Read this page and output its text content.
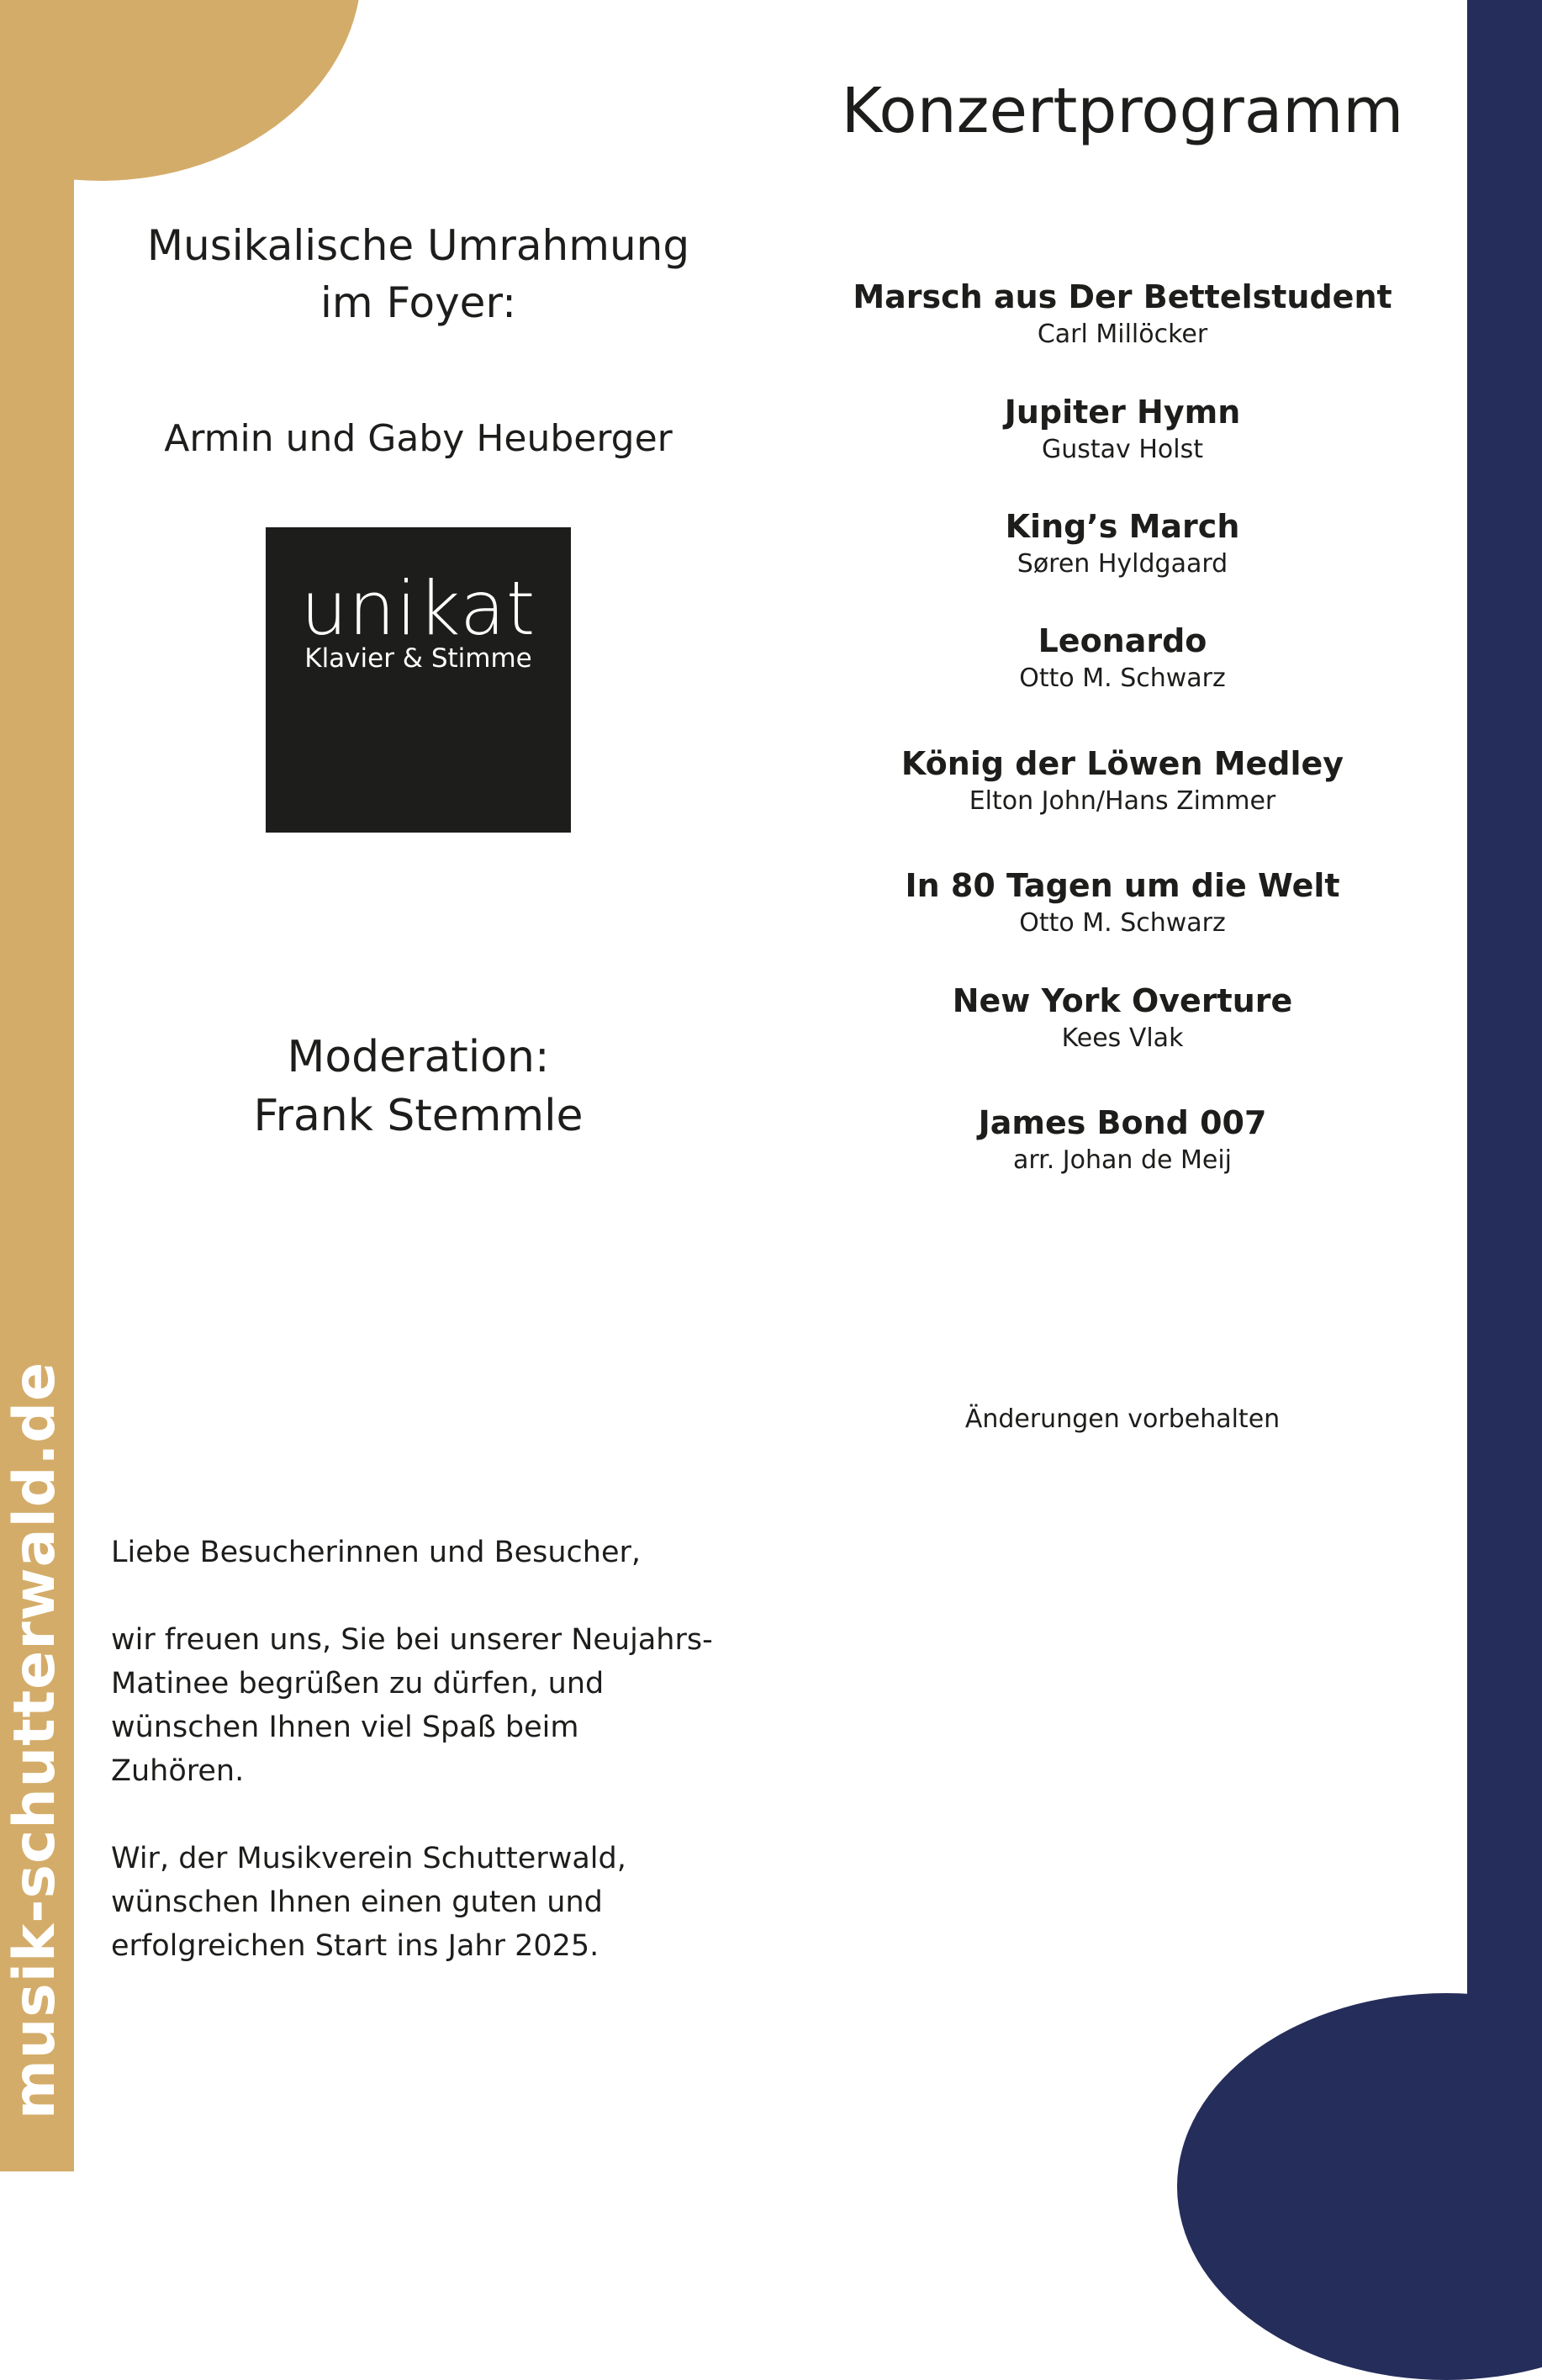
musik-schutterwald.de
Konzertprogramm
Musikalische Umrahmung
im Foyer:

Armin und Gaby Heuberger

unikat
Klavier & Stimme
Moderation:
Frank Stemmle
Marsch aus Der Bettelstudent
Carl Millöcker
Jupiter Hymn
Gustav Holst
King’s March
Søren Hyldgaard
Leonardo
Otto M. Schwarz
König der Löwen Medley
Elton John/Hans Zimmer
In 80 Tagen um die Welt
Otto M. Schwarz
New York Overture
Kees Vlak
James Bond 007
arr. Johan de Meij

Änderungen vorbehalten

Liebe Besucherinnen und Besucher,

wir freuen uns, Sie bei unserer Neujahrs-
Matinee begrüßen zu dürfen, und
wünschen Ihnen viel Spaß beim Zuhören.

Wir, der Musikverein Schutterwald,
wünschen Ihnen einen guten und
erfolgreichen Start ins Jahr 2025.
